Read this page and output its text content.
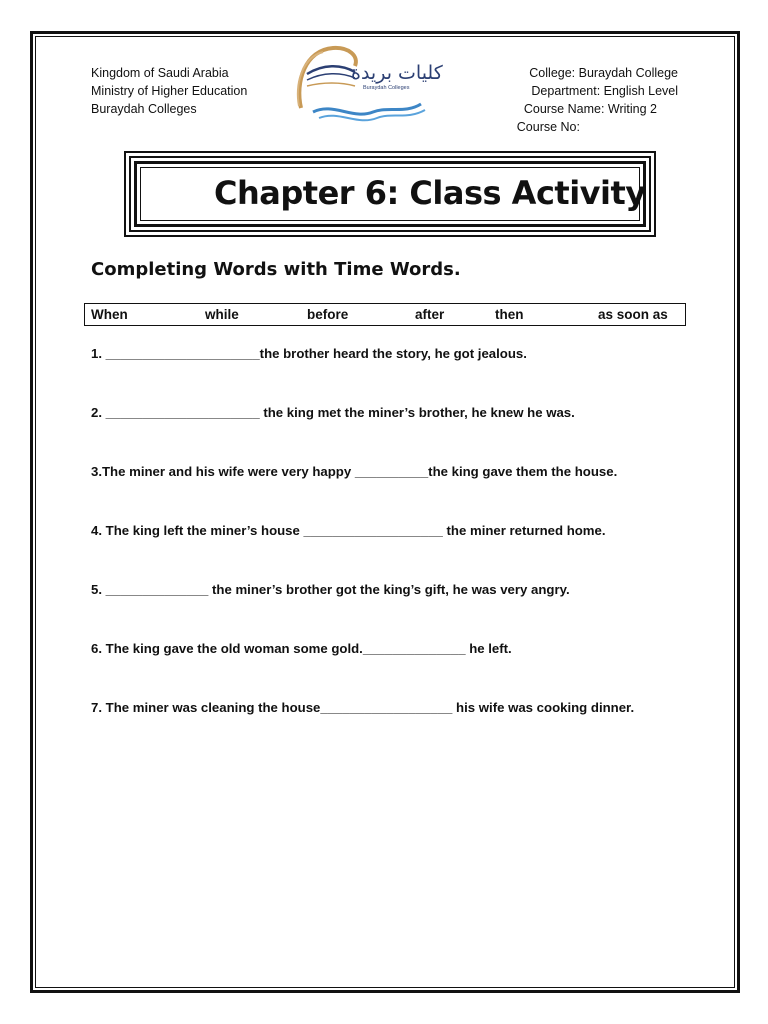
Kingdom of Saudi Arabia
Ministry of Higher Education
Buraydah Colleges
كليات بريدة
Buraydah Colleges
College: Buraydah College
Department: English Level
Course Name: Writing 2
Course No:
Chapter 6: Class Activity
Completing Words with Time Words.
When	while	before	after	then	as soon as
1. _____________________the brother heard the story, he got jealous.
2. _____________________ the king met the miner’s brother, he knew he was.
3.The miner and his wife were very happy __________the king gave them the house.
4. The king left the miner’s house ___________________ the miner returned home.
5. ______________ the miner’s brother got the king’s gift, he was very angry.
6. The king gave the old woman some gold.______________ he left.
7. The miner was cleaning the house__________________ his wife was cooking dinner.
